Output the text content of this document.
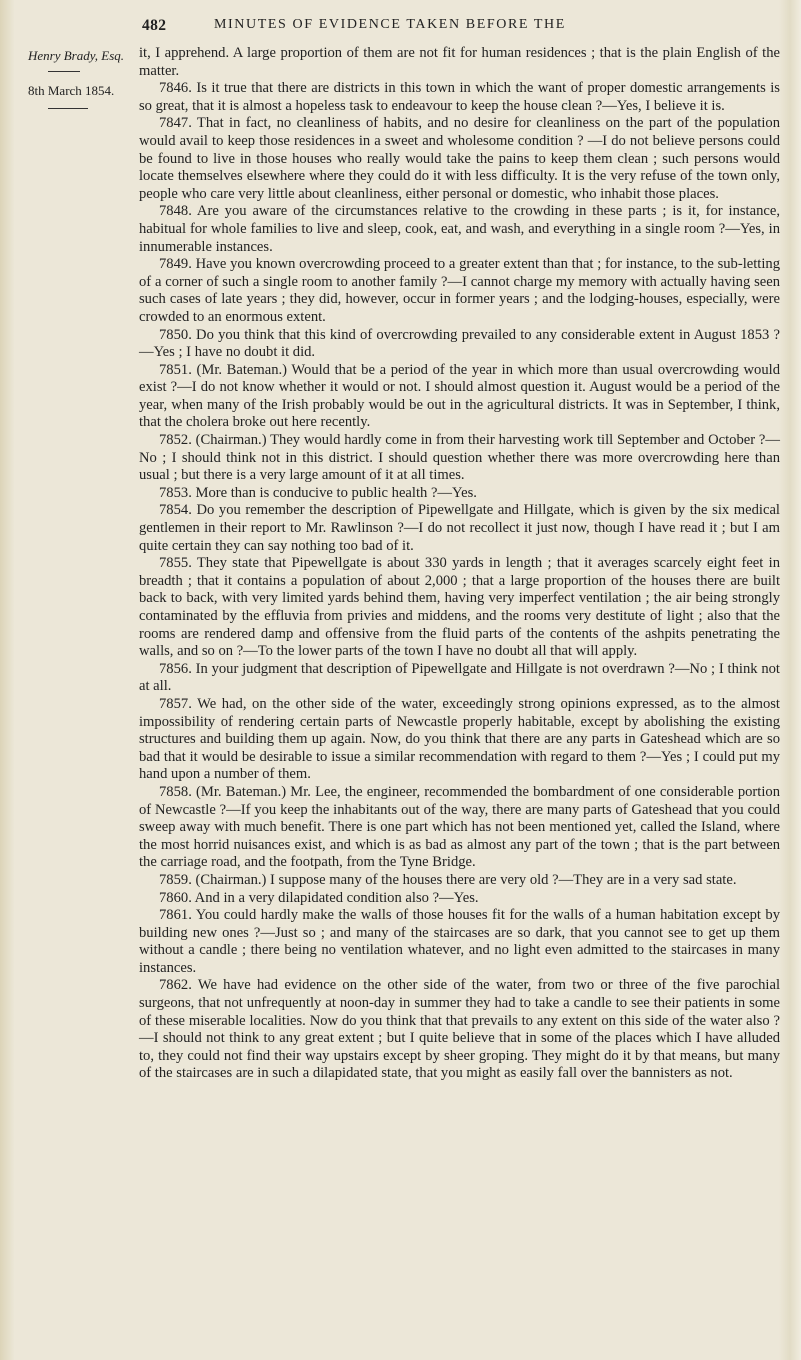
482	MINUTES OF EVIDENCE TAKEN BEFORE THE
Henry Brady, Esq.
8th March 1854.

it, I apprehend. A large proportion of them are not fit for human residences ; that is the plain English of the matter.

7846. Is it true that there are districts in this town in which the want of proper domestic arrangements is so great, that it is almost a hopeless task to endeavour to keep the house clean ?—Yes, I believe it is.

7847. That in fact, no cleanliness of habits, and no desire for cleanliness on the part of the population would avail to keep those residences in a sweet and wholesome condition ? —I do not believe persons could be found to live in those houses who really would take the pains to keep them clean ; such persons would locate themselves elsewhere where they could do it with less difficulty. It is the very refuse of the town only, people who care very little about cleanliness, either personal or domestic, who inhabit those places.

7848. Are you aware of the circumstances relative to the crowding in these parts ; is it, for instance, habitual for whole families to live and sleep, cook, eat, and wash, and everything in a single room ?—Yes, in innumerable instances.

7849. Have you known overcrowding proceed to a greater extent than that ; for instance, to the sub-letting of a corner of such a single room to another family ?—I cannot charge my memory with actually having seen such cases of late years ; they did, however, occur in former years ; and the lodging-houses, especially, were crowded to an enormous extent.

7850. Do you think that this kind of overcrowding prevailed to any considerable extent in August 1853 ?—Yes ; I have no doubt it did.

7851. (Mr. Bateman.) Would that be a period of the year in which more than usual overcrowding would exist ?—I do not know whether it would or not. I should almost question it. August would be a period of the year, when many of the Irish probably would be out in the agricultural districts. It was in September, I think, that the cholera broke out here recently.

7852. (Chairman.) They would hardly come in from their harvesting work till September and October ?—No ; I should think not in this district. I should question whether there was more overcrowding here than usual ; but there is a very large amount of it at all times.

7853. More than is conducive to public health ?—Yes.

7854. Do you remember the description of Pipewellgate and Hillgate, which is given by the six medical gentlemen in their report to Mr. Rawlinson ?—I do not recollect it just now, though I have read it ; but I am quite certain they can say nothing too bad of it.

7855. They state that Pipewellgate is about 330 yards in length ; that it averages scarcely eight feet in breadth ; that it contains a population of about 2,000 ; that a large proportion of the houses there are built back to back, with very limited yards behind them, having very imperfect ventilation ; the air being strongly contaminated by the effluvia from privies and middens, and the rooms very destitute of light ; also that the rooms are rendered damp and offensive from the fluid parts of the contents of the ashpits penetrating the walls, and so on ?—To the lower parts of the town I have no doubt all that will apply.

7856. In your judgment that description of Pipewellgate and Hillgate is not overdrawn ?—No ; I think not at all.

7857. We had, on the other side of the water, exceedingly strong opinions expressed, as to the almost impossibility of rendering certain parts of Newcastle properly habitable, except by abolishing the existing structures and building them up again. Now, do you think that there are any parts in Gateshead which are so bad that it would be desirable to issue a similar recommendation with regard to them ?—Yes ; I could put my hand upon a number of them.

7858. (Mr. Bateman.) Mr. Lee, the engineer, recommended the bombardment of one considerable portion of Newcastle ?—If you keep the inhabitants out of the way, there are many parts of Gateshead that you could sweep away with much benefit. There is one part which has not been mentioned yet, called the Island, where the most horrid nuisances exist, and which is as bad as almost any part of the town ; that is the part between the carriage road, and the footpath, from the Tyne Bridge.

7859. (Chairman.) I suppose many of the houses there are very old ?—They are in a very sad state.

7860. And in a very dilapidated condition also ?—Yes.

7861. You could hardly make the walls of those houses fit for the walls of a human habitation except by building new ones ?—Just so ; and many of the staircases are so dark, that you cannot see to get up them without a candle ; there being no ventilation whatever, and no light even admitted to the staircases in many instances.

7862. We have had evidence on the other side of the water, from two or three of the five parochial surgeons, that not unfrequently at noon-day in summer they had to take a candle to see their patients in some of these miserable localities. Now do you think that that prevails to any extent on this side of the water also ?—I should not think to any great extent ; but I quite believe that in some of the places which I have alluded to, they could not find their way upstairs except by sheer groping. They might do it by that means, but many of the staircases are in such a dilapidated state, that you might as easily fall over the bannisters as not.
